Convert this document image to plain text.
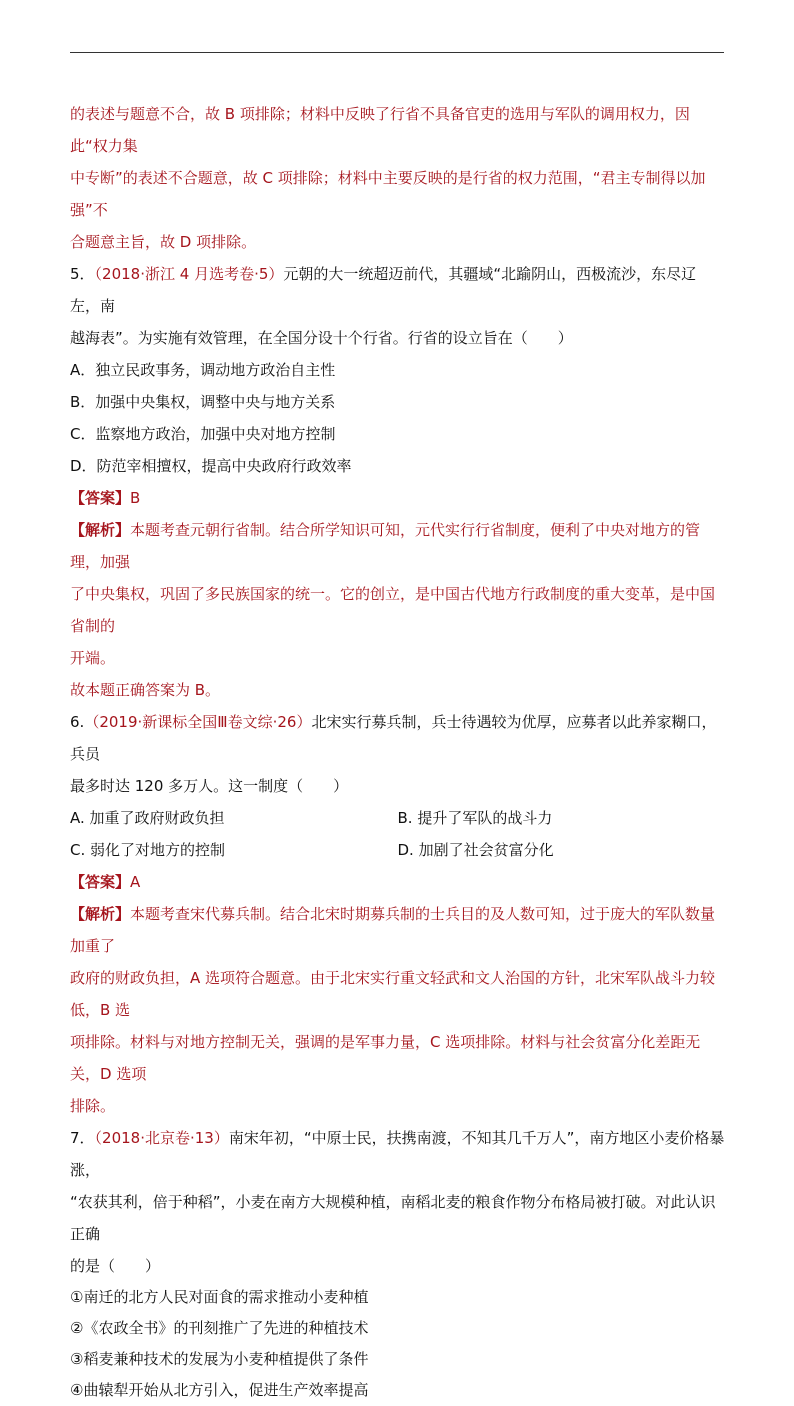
的表述与题意不合，故 B 项排除；材料中反映了行省不具备官吏的选用与军队的调用权力，因此“权力集

中专断”的表述不合题意，故 C 项排除；材料中主要反映的是行省的权力范围，“君主专制得以加强”不

合题意主旨，故 D 项排除。

5．（2018·浙江 4 月选考卷·5）元朝的大一统超迈前代，其疆域“北踰阴山，西极流沙，东尽辽左，南

越海表”。为实施有效管理，在全国分设十个行省。行省的设立旨在（　　）

A．独立民政事务，调动地方政治自主性

B．加强中央集权，调整中央与地方关系

C．监察地方政治，加强中央对地方控制

D．防范宰相擅权，提高中央政府行政效率

【答案】B

【解析】本题考查元朝行省制。结合所学知识可知，元代实行行省制度，便利了中央对地方的管理，加强

了中央集权，巩固了多民族国家的统一。它的创立，是中国古代地方行政制度的重大变革，是中国省制的

开端。

故本题正确答案为 B。

6.（2019·新课标全国Ⅲ卷文综·26）北宋实行募兵制，兵士待遇较为优厚，应募者以此养家糊口，兵员

最多时达 120 多万人。这一制度（　　）

A. 加重了政府财政负担	B. 提升了军队的战斗力
C. 弱化了对地方的控制	D. 加剧了社会贫富分化

【答案】A

【解析】本题考查宋代募兵制。结合北宋时期募兵制的士兵目的及人数可知，过于庞大的军队数量加重了

政府的财政负担，A 选项符合题意。由于北宋实行重文轻武和文人治国的方针，北宋军队战斗力较低，B 选

项排除。材料与对地方控制无关，强调的是军事力量，C 选项排除。材料与社会贫富分化差距无关，D 选项

排除。

7．（2018·北京卷·13）南宋年初，“中原士民，扶携南渡，不知其几千万人”，南方地区小麦价格暴涨，

“农获其利，倍于种稻”，小麦在南方大规模种植，南稻北麦的粮食作物分布格局被打破。对此认识正确

的是（　　）

①南迁的北方人民对面食的需求推动小麦种植

②《农政全书》的刊刻推广了先进的种植技术

③稻麦兼种技术的发展为小麦种植提供了条件

④曲辕犁开始从北方引入，促进生产效率提高
